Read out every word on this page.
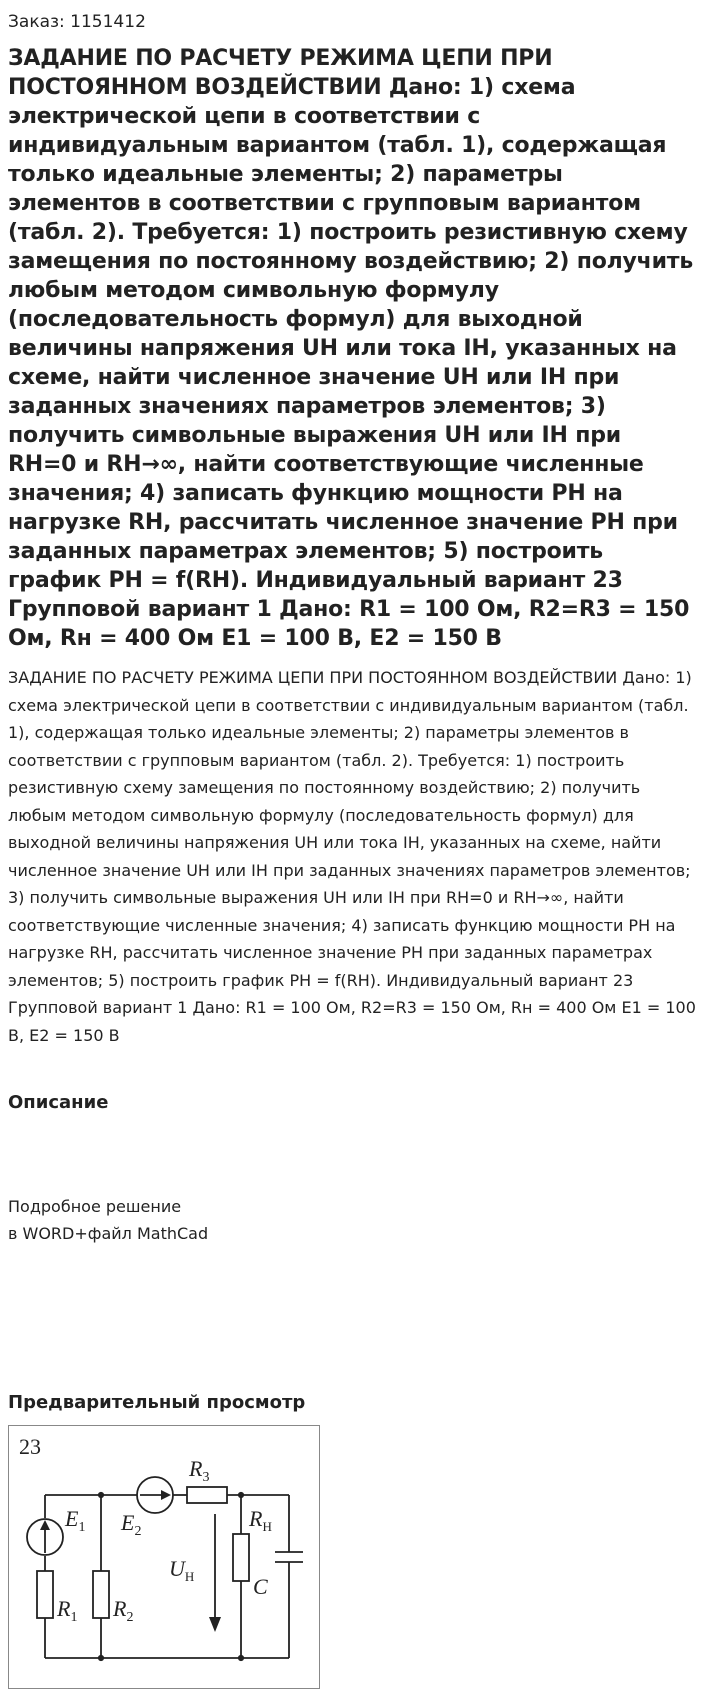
Заказ: 1151412
ЗАДАНИЕ ПО РАСЧЕТУ РЕЖИМА ЦЕПИ ПРИ ПОСТОЯННОМ ВОЗДЕЙСТВИИ Дано: 1) схема электрической цепи в соответствии с индивидуальным вариантом (табл. 1), содержащая только идеальные элементы; 2) параметры элементов в соответствии с групповым вариантом (табл. 2). Требуется: 1) построить резистивную схему замещения по постоянному воздействию; 2) получить любым методом символьную формулу (последовательность формул) для выходной величины напряжения UН или тока IН, указанных на схеме, найти численное значение UН или IН при заданных значениях параметров элементов; 3) получить символьные выражения UН или IН при RН=0 и RН→∞, найти соответствующие численные значения; 4) записать функцию мощности PН на нагрузке RН, рассчитать численное значение PН при заданных параметрах элементов; 5) построить график PН = f(RН). Индивидуальный вариант 23 Групповой вариант 1 Дано: R1 = 100 Ом, R2=R3 = 150 Ом, Rн = 400 Ом E1 = 100 В, E2 = 150 В

ЗАДАНИЕ ПО РАСЧЕТУ РЕЖИМА ЦЕПИ ПРИ ПОСТОЯННОМ ВОЗДЕЙСТВИИ Дано: 1) схема электрической цепи в соответствии с индивидуальным вариантом (табл. 1), содержащая только идеальные элементы; 2) параметры элементов в соответствии с групповым вариантом (табл. 2). Требуется: 1) построить резистивную схему замещения по постоянному воздействию; 2) получить любым методом символьную формулу (последовательность формул) для выходной величины напряжения UН или тока IН, указанных на схеме, найти численное значение UН или IН при заданных значениях параметров элементов; 3) получить символьные выражения UН или IН при RН=0 и RН→∞, найти соответствующие численные значения; 4) записать функцию мощности PН на нагрузке RН, рассчитать численное значение PН при заданных параметрах элементов; 5) построить график PН = f(RН). Индивидуальный вариант 23 Групповой вариант 1 Дано: R1 = 100 Ом, R2=R3 = 150 Ом, Rн = 400 Ом E1 = 100 В, E2 = 150 В

Описание
Подробное решение
в WORD+файл MathCad
Предварительный просмотр
23
$E_1$ $E_2$
$R_3$
$R_Н$
$U_Н$	C
$R_1$ $R_2$
